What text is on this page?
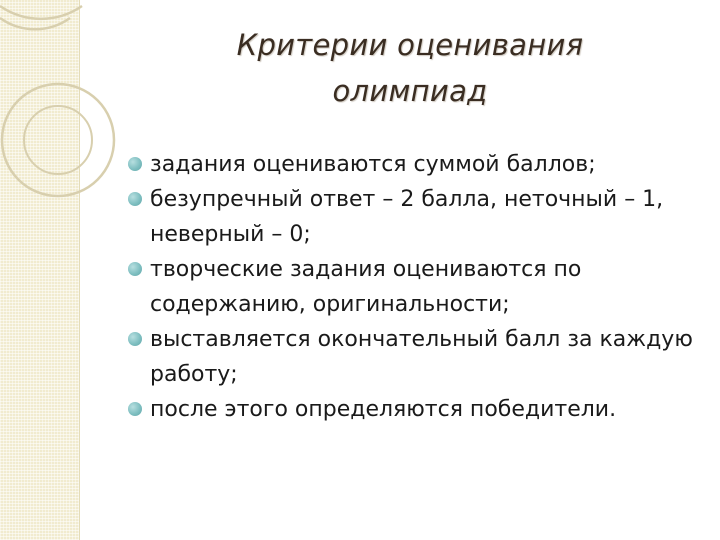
Критерии оценивания
олимпиад
задания оцениваются суммой баллов;
безупречный ответ – 2 балла, неточный – 1, неверный – 0;
творческие задания оцениваются по содержанию, оригинальности;
выставляется окончательный балл за каждую работу;
после этого определяются победители.
